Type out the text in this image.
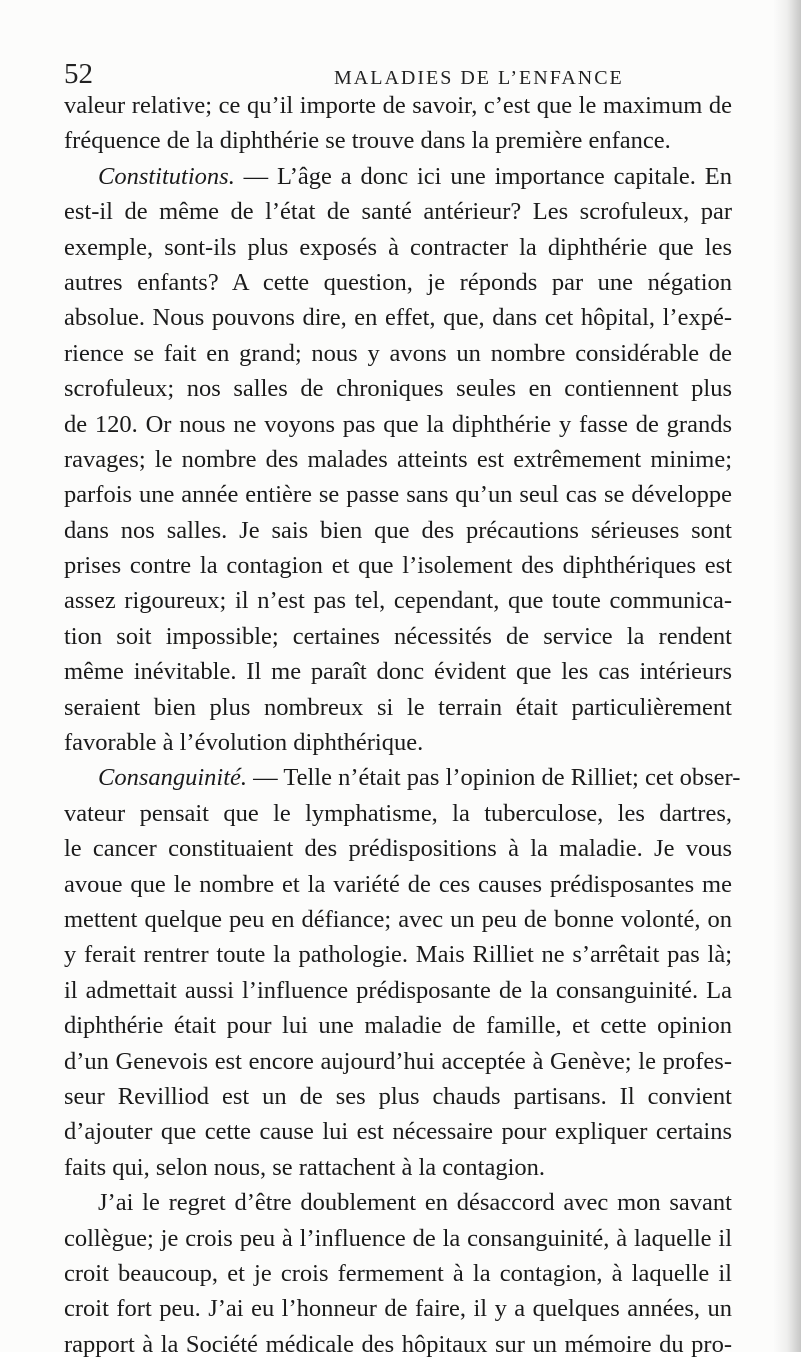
52	MALADIES DE L’ENFANCE
valeur relative; ce qu’il importe de savoir, c’est que le maximum de
fréquence de la diphthérie se trouve dans la première enfance.
Constitutions. — L’âge a donc ici une importance capitale. En
est-il de même de l’état de santé antérieur? Les scrofuleux, par
exemple, sont-ils plus exposés à contracter la diphthérie que les
autres enfants? A cette question, je réponds par une négation
absolue. Nous pouvons dire, en effet, que, dans cet hôpital, l’expé-
rience se fait en grand; nous y avons un nombre considérable de
scrofuleux; nos salles de chroniques seules en contiennent plus
de 120. Or nous ne voyons pas que la diphthérie y fasse de grands
ravages; le nombre des malades atteints est extrêmement minime;
parfois une année entière se passe sans qu’un seul cas se développe
dans nos salles. Je sais bien que des précautions sérieuses sont
prises contre la contagion et que l’isolement des diphthériques est
assez rigoureux; il n’est pas tel, cependant, que toute communica-
tion soit impossible; certaines nécessités de service la rendent
même inévitable. Il me paraît donc évident que les cas intérieurs
seraient bien plus nombreux si le terrain était particulièrement
favorable à l’évolution diphthérique.
Consanguinité. — Telle n’était pas l’opinion de Rilliet; cet obser-
vateur pensait que le lymphatisme, la tuberculose, les dartres,
le cancer constituaient des prédispositions à la maladie. Je vous
avoue que le nombre et la variété de ces causes prédisposantes me
mettent quelque peu en défiance; avec un peu de bonne volonté, on
y ferait rentrer toute la pathologie. Mais Rilliet ne s’arrêtait pas là;
il admettait aussi l’influence prédisposante de la consanguinité. La
diphthérie était pour lui une maladie de famille, et cette opinion
d’un Genevois est encore aujourd’hui acceptée à Genève; le profes-
seur Revilliod est un de ses plus chauds partisans. Il convient
d’ajouter que cette cause lui est nécessaire pour expliquer certains
faits qui, selon nous, se rattachent à la contagion.
J’ai le regret d’être doublement en désaccord avec mon savant
collègue; je crois peu à l’influence de la consanguinité, à laquelle il
croit beaucoup, et je crois fermement à la contagion, à laquelle il
croit fort peu. J’ai eu l’honneur de faire, il y a quelques années, un
rapport à la Société médicale des hôpitaux sur un mémoire du pro-
